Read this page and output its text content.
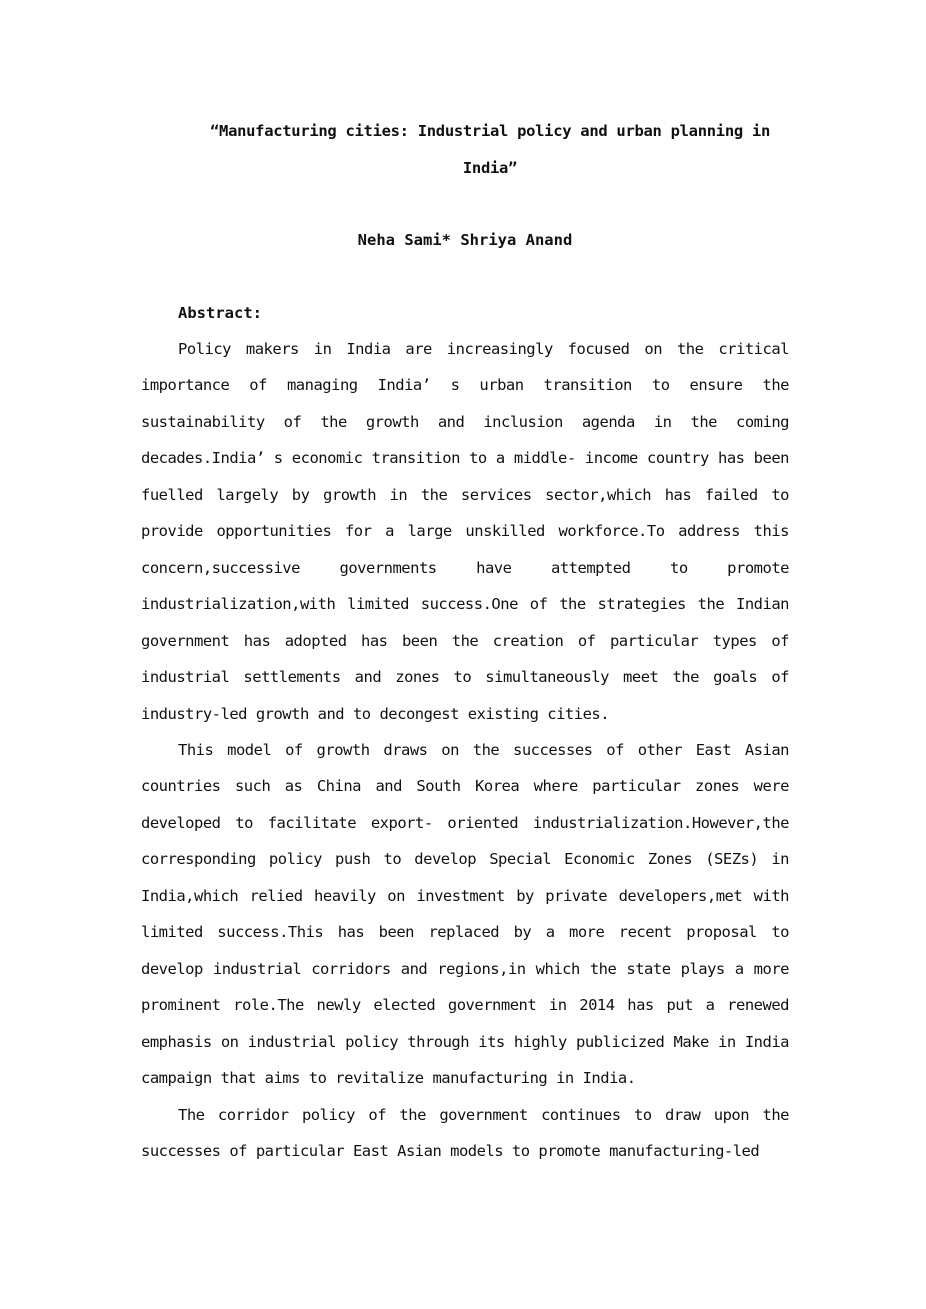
“Manufacturing cities: Industrial policy and urban planning in India”
Neha Sami* Shriya Anand
Abstract:

Policy makers in India are increasingly focused on the critical importance of managing India’ s urban transition to ensure the sustainability of the growth and inclusion agenda in the coming decades.India’ s economic transition to a middle- income country has been fuelled largely by growth in the services sector,which has failed to provide opportunities for a large unskilled workforce.To address this concern,successive governments have attempted to promote industrialization,with limited success.One of the strategies the Indian government has adopted has been the creation of particular types of industrial settlements and zones to simultaneously meet the goals of industry-led growth and to decongest existing cities.

This model of growth draws on the successes of other East Asian countries such as China and South Korea where particular zones were developed to facilitate export- oriented industrialization.However,the corresponding policy push to develop Special Economic Zones (SEZs) in India,which relied heavily on investment by private developers,met with limited success.This has been replaced by a more recent proposal to develop industrial corridors and regions,in which the state plays a more prominent role.The newly elected government in 2014 has put a renewed emphasis on industrial policy through its highly publicized Make in India campaign that aims to revitalize manufacturing in India.

The corridor policy of the government continues to draw upon the successes of particular East Asian models to promote manufacturing-led
